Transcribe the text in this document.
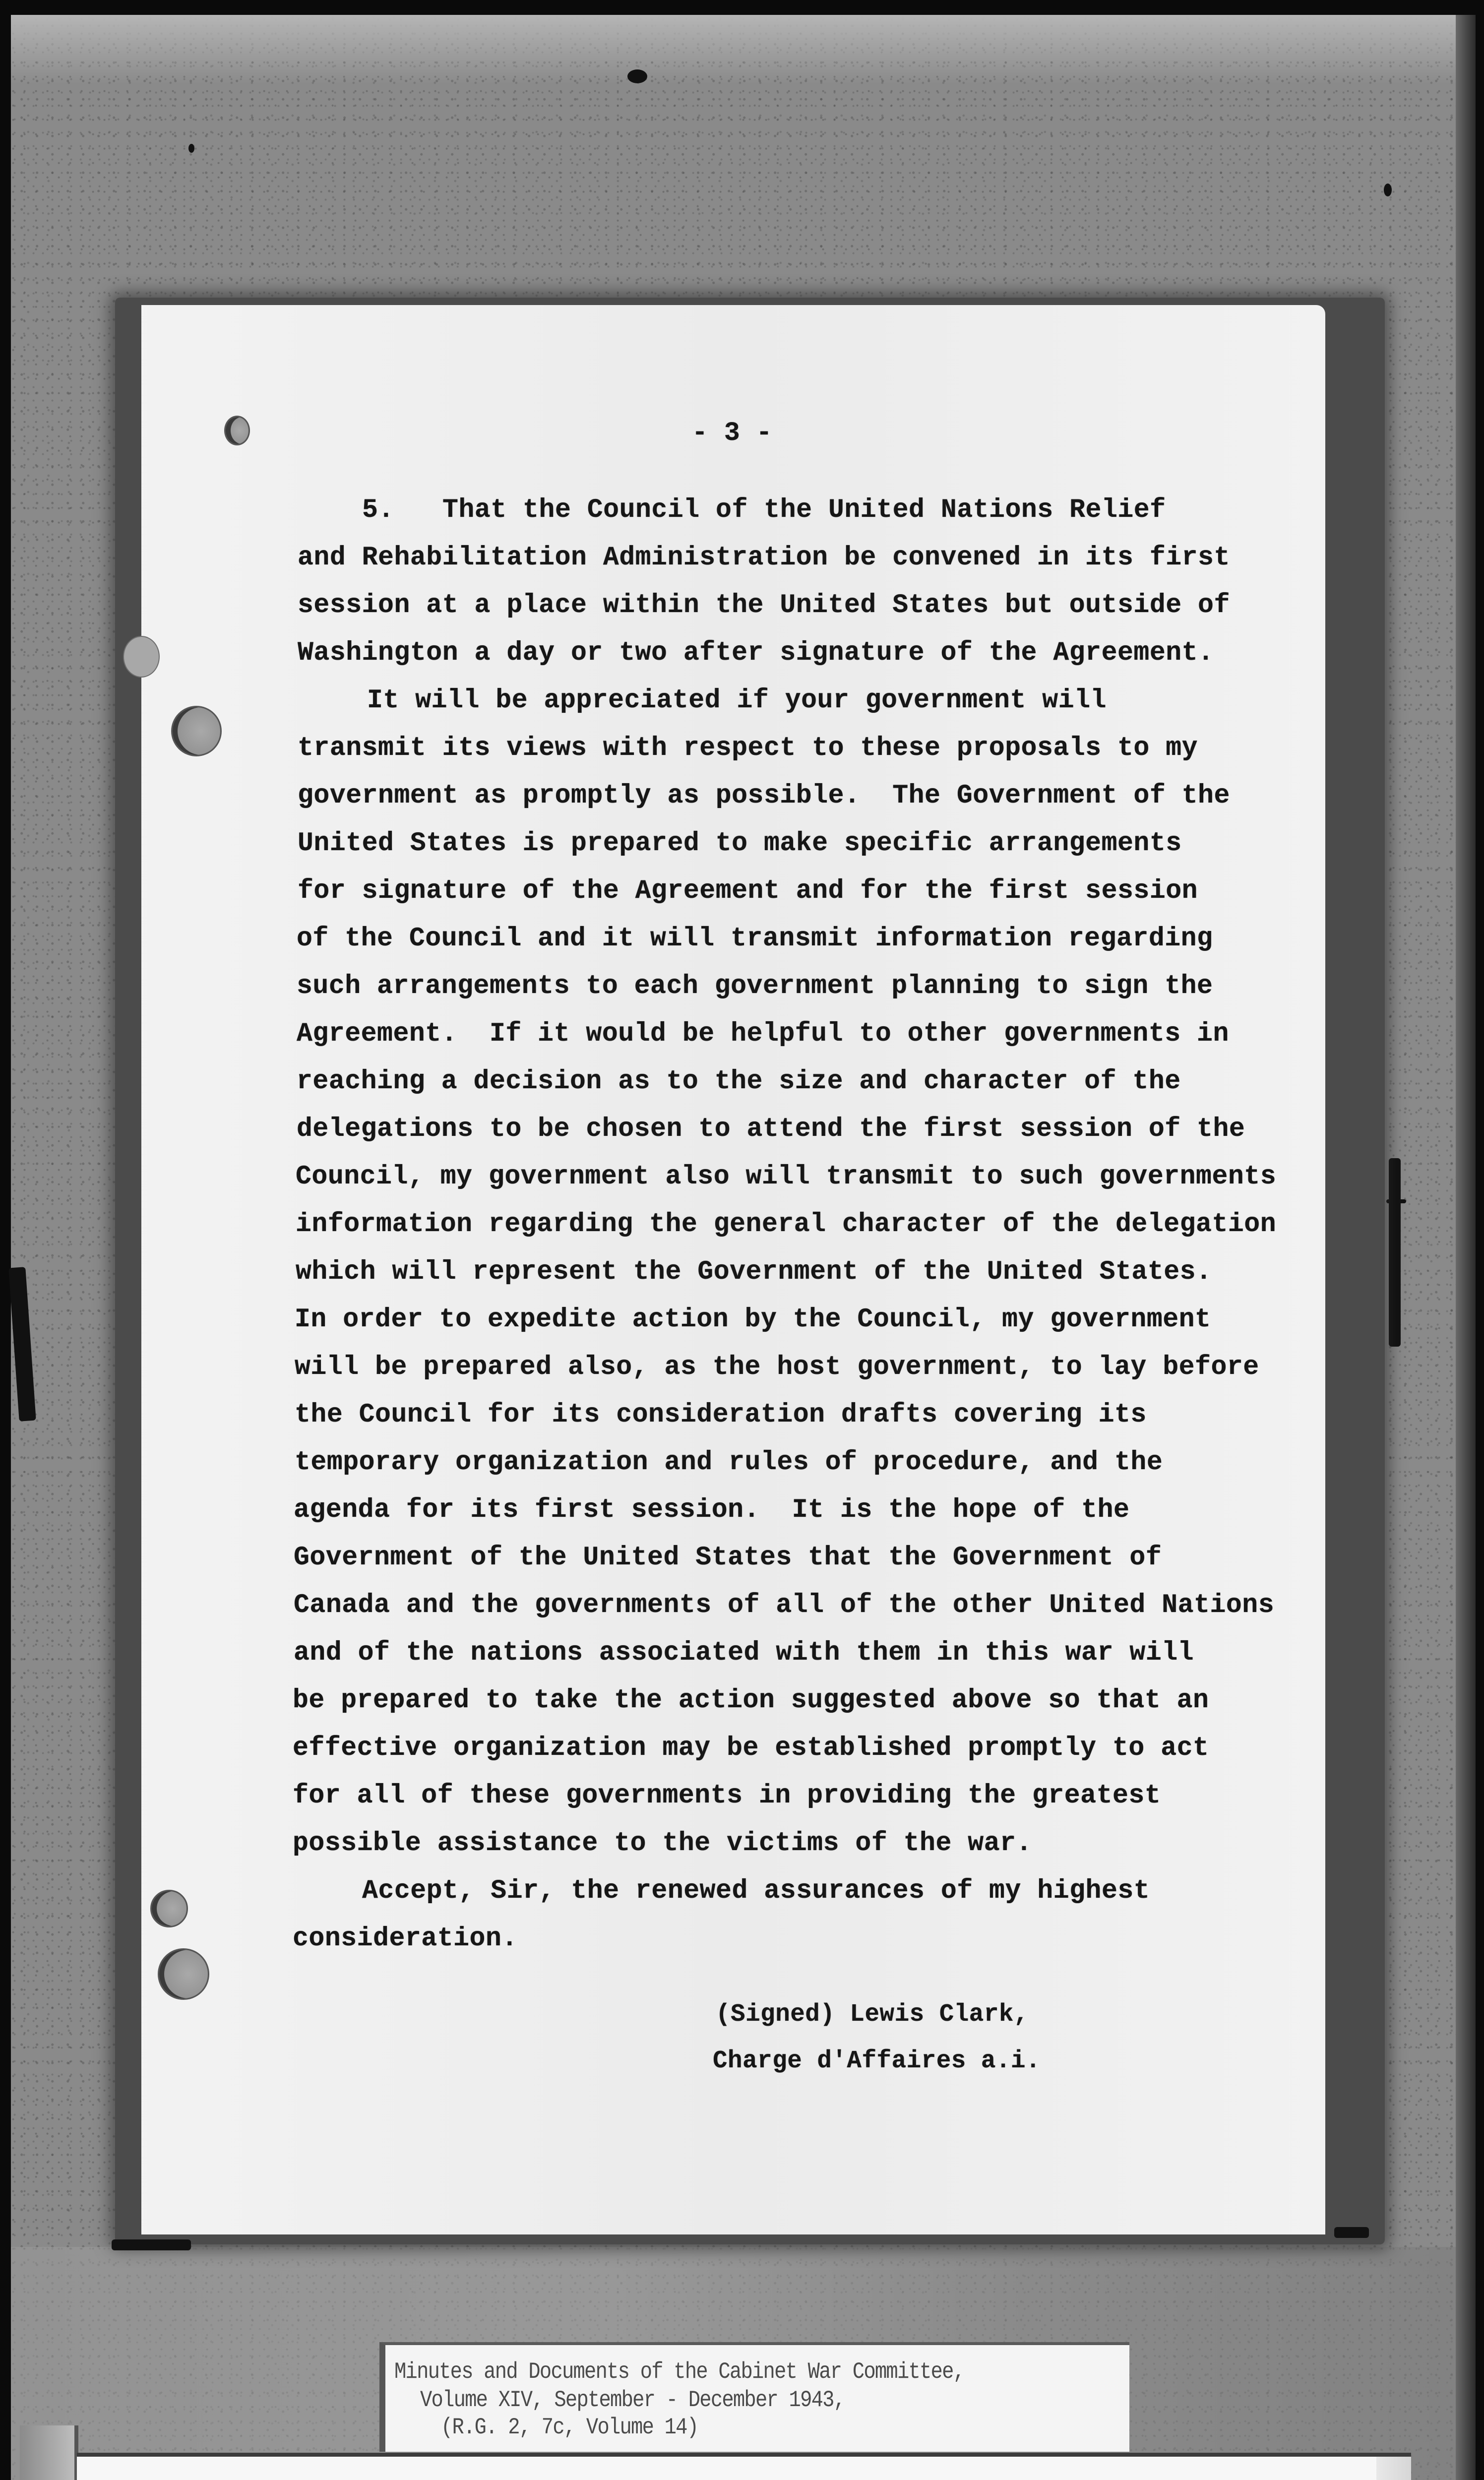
- 3 -
5.   That the Council of the United Nations Relief
and Rehabilitation Administration be convened in its first
session at a place within the United States but outside of
Washington a day or two after signature of the Agreement.
It will be appreciated if your government will
transmit its views with respect to these proposals to my
government as promptly as possible.  The Government of the
United States is prepared to make specific arrangements
for signature of the Agreement and for the first session
of the Council and it will transmit information regarding
such arrangements to each government planning to sign the
Agreement.  If it would be helpful to other governments in
reaching a decision as to the size and character of the
delegations to be chosen to attend the first session of the
Council, my government also will transmit to such governments
information regarding the general character of the delegation
which will represent the Government of the United States.
In order to expedite action by the Council, my government
will be prepared also, as the host government, to lay before
the Council for its consideration drafts covering its
temporary organization and rules of procedure, and the
agenda for its first session.  It is the hope of the
Government of the United States that the Government of
Canada and the governments of all of the other United Nations
and of the nations associated with them in this war will
be prepared to take the action suggested above so that an
effective organization may be established promptly to act
for all of these governments in providing the greatest
possible assistance to the victims of the war.
Accept, Sir, the renewed assurances of my highest
consideration.
(Signed) Lewis Clark,
Charge d'Affaires a.i.
Minutes and Documents of the Cabinet War Committee,
Volume XIV, September - December 1943,
(R.G. 2, 7c, Volume 14)
